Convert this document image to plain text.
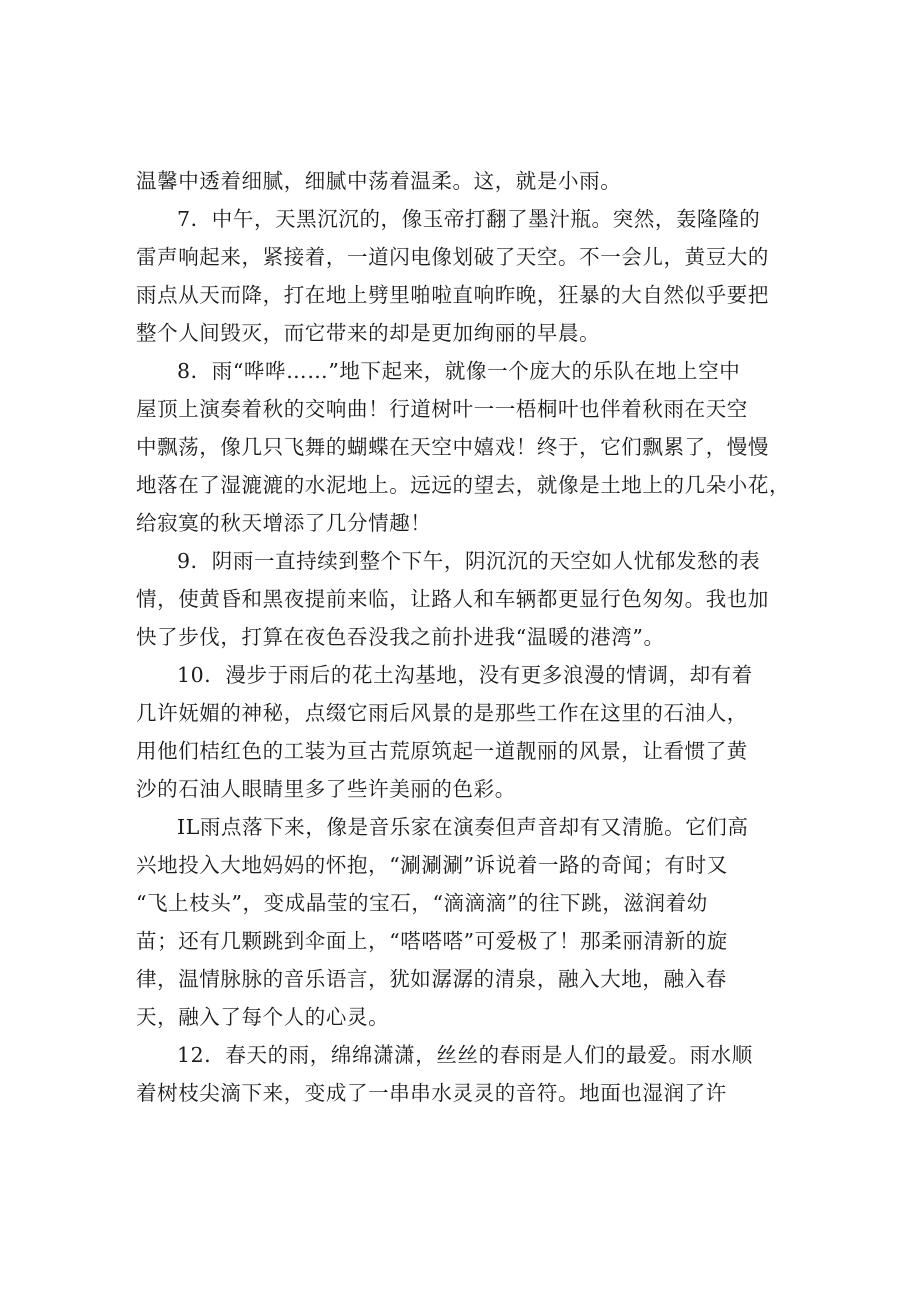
温馨中透着细腻，细腻中荡着温柔。这，就是小雨。
7．中午，天黑沉沉的，像玉帝打翻了墨汁瓶。突然，轰隆隆的
雷声响起来，紧接着，一道闪电像划破了天空。不一会儿，黄豆大的
雨点从天而降，打在地上劈里啪啦直响昨晚，狂暴的大自然似乎要把
整个人间毁灭，而它带来的却是更加绚丽的早晨。
8．雨“哗哗……”地下起来，就像一个庞大的乐队在地上空中
屋顶上演奏着秋的交响曲！行道树叶一一梧桐叶也伴着秋雨在天空
中飘荡，像几只飞舞的蝴蝶在天空中嬉戏！终于，它们飘累了，慢慢
地落在了湿漉漉的水泥地上。远远的望去，就像是土地上的几朵小花，
给寂寞的秋天增添了几分情趣！
9．阴雨一直持续到整个下午，阴沉沉的天空如人忧郁发愁的表
情，使黄昏和黑夜提前来临，让路人和车辆都更显行色匆匆。我也加
快了步伐，打算在夜色吞没我之前扑进我“温暖的港湾”。
10．漫步于雨后的花土沟基地，没有更多浪漫的情调，却有着
几许妩媚的神秘，点缀它雨后风景的是那些工作在这里的石油人，
用他们桔红色的工装为亘古荒原筑起一道靓丽的风景，让看惯了黄
沙的石油人眼睛里多了些许美丽的色彩。
IL雨点落下来，像是音乐家在演奏但声音却有又清脆。它们高
兴地投入大地妈妈的怀抱，“涮涮涮”诉说着一路的奇闻；有时又
“飞上枝头”，变成晶莹的宝石，“滴滴滴”的往下跳，滋润着幼
苗；还有几颗跳到伞面上，“嗒嗒嗒”可爱极了！那柔丽清新的旋
律，温情脉脉的音乐语言，犹如潺潺的清泉，融入大地，融入春
天，融入了每个人的心灵。
12．春天的雨，绵绵潇潇，丝丝的春雨是人们的最爱。雨水顺
着树枝尖滴下来，变成了一串串水灵灵的音符。地面也湿润了许
